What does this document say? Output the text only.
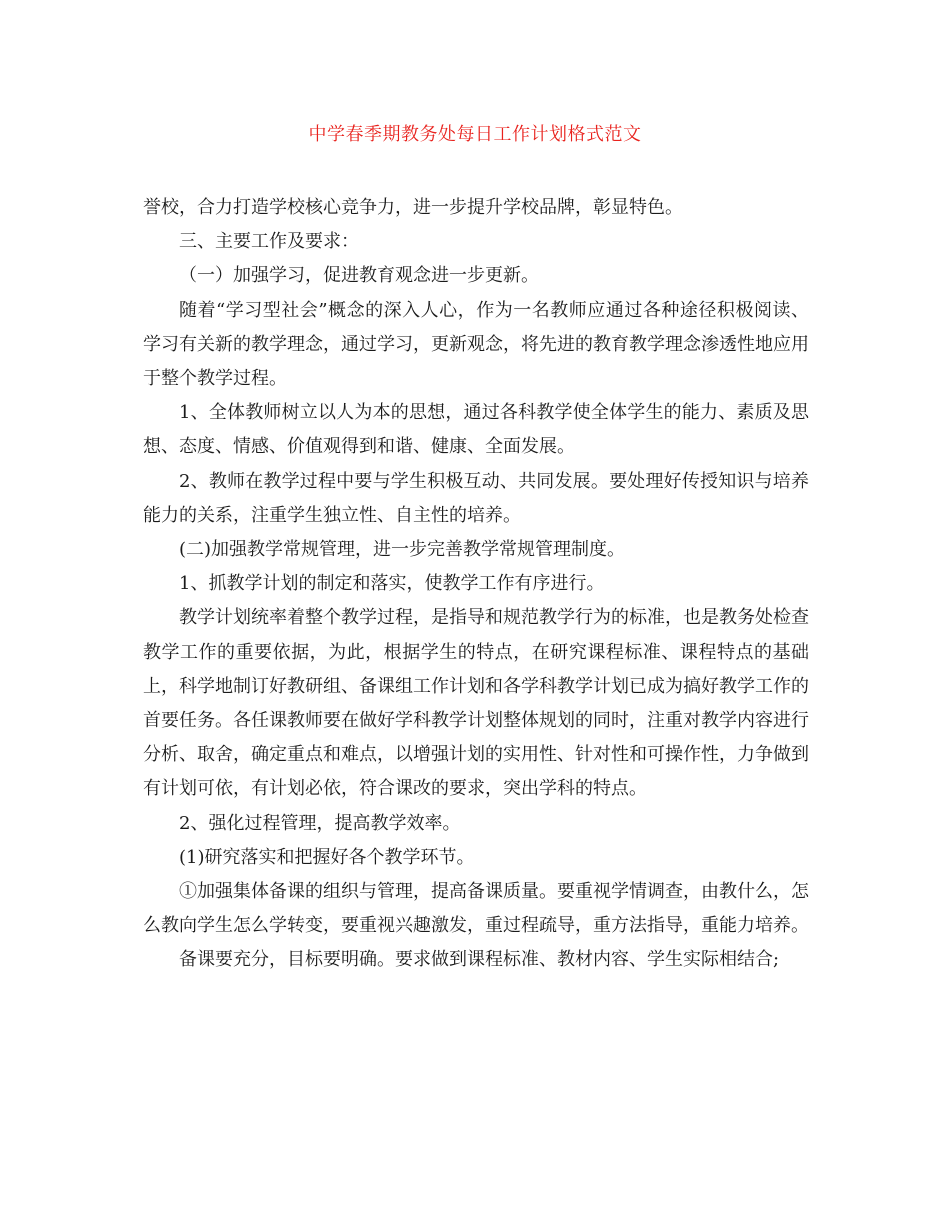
中学春季期教务处每日工作计划格式范文

誉校，合力打造学校核心竞争力，进一步提升学校品牌，彰显特色。

三、主要工作及要求：

（一）加强学习，促进教育观念进一步更新。

随着“学习型社会”概念的深入人心，作为一名教师应通过各种途径积极阅读、学习有关新的教学理念，通过学习，更新观念，将先进的教育教学理念渗透性地应用于整个教学过程。

1、全体教师树立以人为本的思想，通过各科教学使全体学生的能力、素质及思想、态度、情感、价值观得到和谐、健康、全面发展。

2、教师在教学过程中要与学生积极互动、共同发展。要处理好传授知识与培养能力的关系，注重学生独立性、自主性的培养。

(二)加强教学常规管理，进一步完善教学常规管理制度。

1、抓教学计划的制定和落实，使教学工作有序进行。

教学计划统率着整个教学过程，是指导和规范教学行为的标准，也是教务处检查教学工作的重要依据，为此，根据学生的特点，在研究课程标准、课程特点的基础上，科学地制订好教研组、备课组工作计划和各学科教学计划已成为搞好教学工作的首要任务。各任课教师要在做好学科教学计划整体规划的同时，注重对教学内容进行分析、取舍，确定重点和难点，以增强计划的实用性、针对性和可操作性，力争做到有计划可依，有计划必依，符合课改的要求，突出学科的特点。

2、强化过程管理，提高教学效率。

(1)研究落实和把握好各个教学环节。

①加强集体备课的组织与管理，提高备课质量。要重视学情调查，由教什么，怎么教向学生怎么学转变，要重视兴趣激发，重过程疏导，重方法指导，重能力培养。

备课要充分，目标要明确。要求做到课程标准、教材内容、学生实际相结合;
